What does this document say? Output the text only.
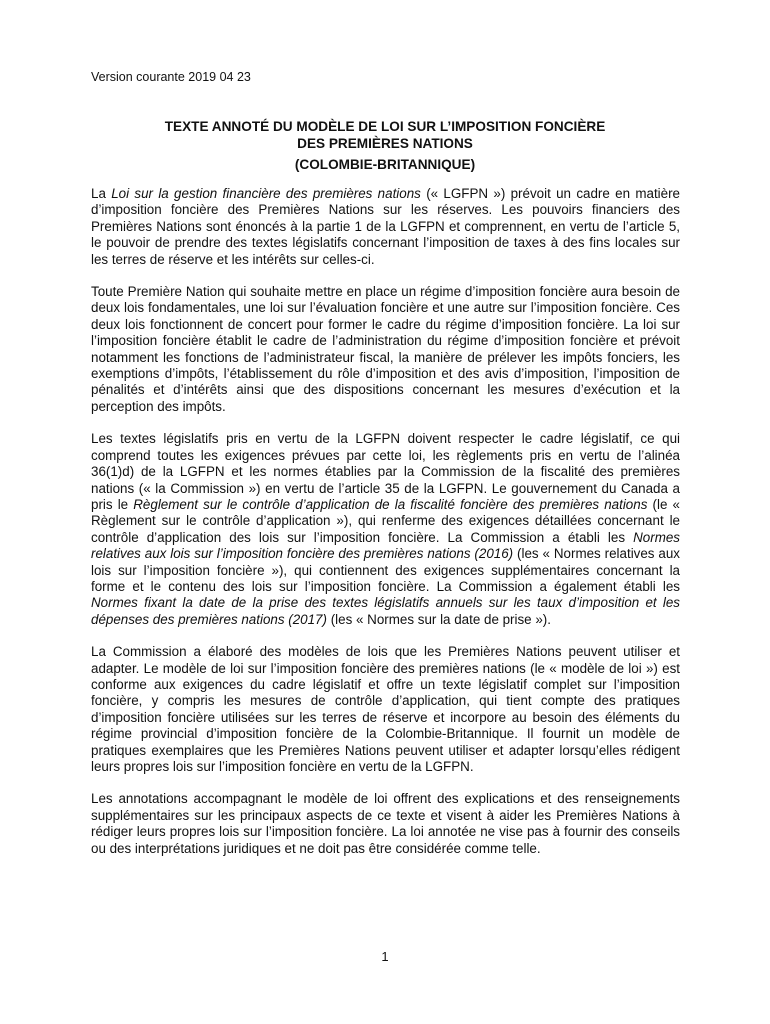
Version courante 2019 04 23
TEXTE ANNOTÉ DU MODÈLE DE LOI SUR L’IMPOSITION FONCIÈRE
DES PREMIÈRES NATIONS
(COLOMBIE-BRITANNIQUE)

La Loi sur la gestion financière des premières nations (« LGFPN ») prévoit un cadre en matière d’imposition foncière des Premières Nations sur les réserves. Les pouvoirs financiers des Premières Nations sont énoncés à la partie 1 de la LGFPN et comprennent, en vertu de l’article 5, le pouvoir de prendre des textes législatifs concernant l’imposition de taxes à des fins locales sur les terres de réserve et les intérêts sur celles-ci.

Toute Première Nation qui souhaite mettre en place un régime d’imposition foncière aura besoin de deux lois fondamentales, une loi sur l’évaluation foncière et une autre sur l’imposition foncière. Ces deux lois fonctionnent de concert pour former le cadre du régime d’imposition foncière. La loi sur l’imposition foncière établit le cadre de l’administration du régime d’imposition foncière et prévoit notamment les fonctions de l’administrateur fiscal, la manière de prélever les impôts fonciers, les exemptions d’impôts, l’établissement du rôle d’imposition et des avis d’imposition, l’imposition de pénalités et d’intérêts ainsi que des dispositions concernant les mesures d’exécution et la perception des impôts.

Les textes législatifs pris en vertu de la LGFPN doivent respecter le cadre législatif, ce qui comprend toutes les exigences prévues par cette loi, les règlements pris en vertu de l’alinéa 36(1)d) de la LGFPN et les normes établies par la Commission de la fiscalité des premières nations (« la Commission ») en vertu de l’article 35 de la LGFPN. Le gouvernement du Canada a pris le Règlement sur le contrôle d’application de la fiscalité foncière des premières nations (le « Règlement sur le contrôle d’application »), qui renferme des exigences détaillées concernant le contrôle d’application des lois sur l’imposition foncière. La Commission a établi les Normes relatives aux lois sur l’imposition foncière des premières nations (2016) (les « Normes relatives aux lois sur l’imposition foncière »), qui contiennent des exigences supplémentaires concernant la forme et le contenu des lois sur l’imposition foncière. La Commission a également établi les Normes fixant la date de la prise des textes législatifs annuels sur les taux d’imposition et les dépenses des premières nations (2017) (les « Normes sur la date de prise »).

La Commission a élaboré des modèles de lois que les Premières Nations peuvent utiliser et adapter. Le modèle de loi sur l’imposition foncière des premières nations (le « modèle de loi ») est conforme aux exigences du cadre législatif et offre un texte législatif complet sur l’imposition foncière, y compris les mesures de contrôle d’application, qui tient compte des pratiques d’imposition foncière utilisées sur les terres de réserve et incorpore au besoin des éléments du régime provincial d’imposition foncière de la Colombie-Britannique. Il fournit un modèle de pratiques exemplaires que les Premières Nations peuvent utiliser et adapter lorsqu’elles rédigent leurs propres lois sur l’imposition foncière en vertu de la LGFPN.

Les annotations accompagnant le modèle de loi offrent des explications et des renseignements supplémentaires sur les principaux aspects de ce texte et visent à aider les Premières Nations à rédiger leurs propres lois sur l’imposition foncière. La loi annotée ne vise pas à fournir des conseils ou des interprétations juridiques et ne doit pas être considérée comme telle.

1
